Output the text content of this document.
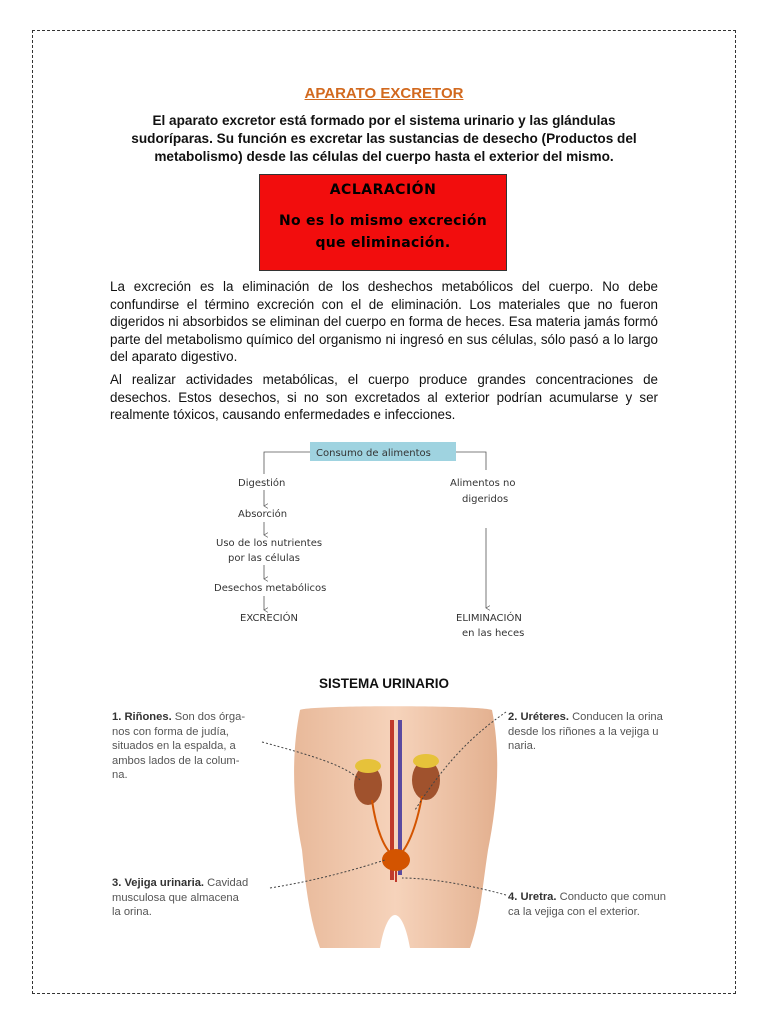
APARATO EXCRETOR
El aparato excretor está formado por el sistema urinario y las glándulas sudoríparas. Su función es excretar las sustancias de desecho (Productos del metabolismo) desde las células del cuerpo hasta el exterior del mismo.
ACLARACIÓN
No es lo mismo excreción
que eliminación.
La excreción es la eliminación de los deshechos metabólicos del cuerpo. No debe confundirse el término excreción con el de eliminación. Los materiales que no fueron digeridos ni absorbidos se eliminan del cuerpo en forma de heces. Esa materia jamás formó parte del metabolismo químico del organismo ni ingresó en sus células, sólo pasó a lo largo del aparato digestivo.
Al realizar actividades metabólicas, el cuerpo produce grandes concentraciones de desechos. Estos desechos, si no son excretados al exterior podrían acumularse y ser realmente tóxicos, causando enfermedades e infecciones.
Consumo de alimentos
Digestión
Absorción
Uso de los nutrientes
por las células
Desechos metabólicos
EXCRECIÓN
Alimentos no
digeridos
ELIMINACIÓN
en las heces
SISTEMA URINARIO
1. Riñones. Son dos órga-
nos con forma de judía,
situados en la espalda, a
ambos lados de la colum-
na.
2. Uréteres. Conducen la orina
desde los riñones a la vejiga u
naria.
3. Vejiga urinaria. Cavidad
musculosa que almacena
la orina.
4. Uretra. Conducto que comun
ca la vejiga con el exterior.
